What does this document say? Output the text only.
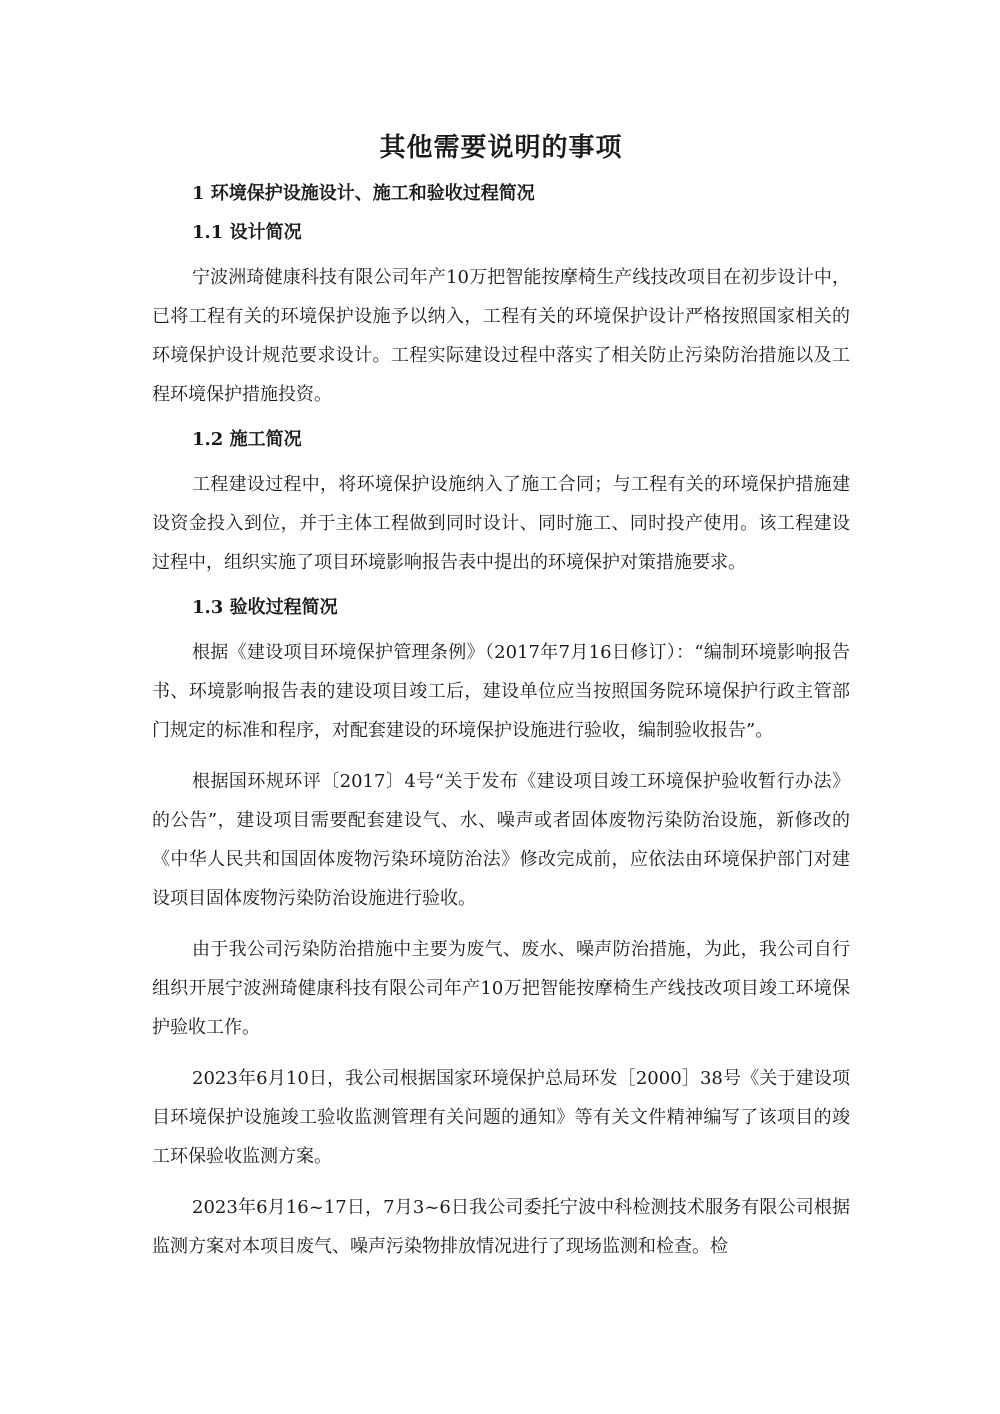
其他需要说明的事项
1 环境保护设施设计、施工和验收过程简况
1.1 设计简况

宁波洲琦健康科技有限公司年产10万把智能按摩椅生产线技改项目在初步设计中，已将工程有关的环境保护设施予以纳入，工程有关的环境保护设计严格按照国家相关的环境保护设计规范要求设计。工程实际建设过程中落实了相关防止污染防治措施以及工程环境保护措施投资。

1.2 施工简况

工程建设过程中，将环境保护设施纳入了施工合同；与工程有关的环境保护措施建设资金投入到位，并于主体工程做到同时设计、同时施工、同时投产使用。该工程建设过程中，组织实施了项目环境影响报告表中提出的环境保护对策措施要求。

1.3 验收过程简况

根据《建设项目环境保护管理条例》（2017年7月16日修订）：“编制环境影响报告书、环境影响报告表的建设项目竣工后，建设单位应当按照国务院环境保护行政主管部门规定的标准和程序，对配套建设的环境保护设施进行验收，编制验收报告”。

根据国环规环评〔2017〕4号“关于发布《建设项目竣工环境保护验收暂行办法》的公告”，建设项目需要配套建设气、水、噪声或者固体废物污染防治设施，新修改的《中华人民共和国固体废物污染环境防治法》修改完成前，应依法由环境保护部门对建设项目固体废物污染防治设施进行验收。

由于我公司污染防治措施中主要为废气、废水、噪声防治措施，为此，我公司自行组织开展宁波洲琦健康科技有限公司年产10万把智能按摩椅生产线技改项目竣工环境保护验收工作。

2023年6月10日，我公司根据国家环境保护总局环发［2000］38号《关于建设项目环境保护设施竣工验收监测管理有关问题的通知》等有关文件精神编写了该项目的竣工环保验收监测方案。

2023年6月16~17日，7月3~6日我公司委托宁波中科检测技术服务有限公司根据监测方案对本项目废气、噪声污染物排放情况进行了现场监测和检查。检
